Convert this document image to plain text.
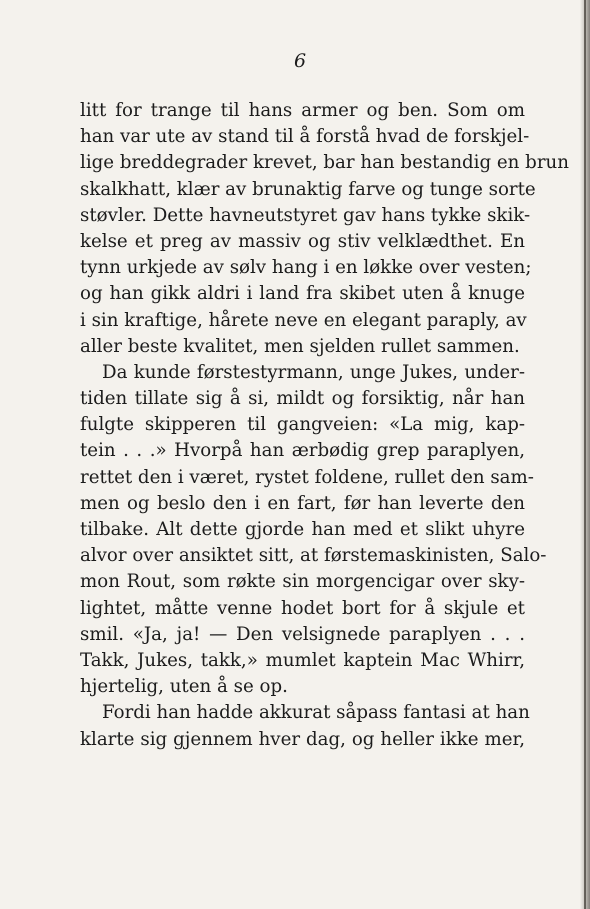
6
litt for trange til hans armer og ben. Som om
han var ute av stand til å forstå hvad de forskjel-
lige breddegrader krevet, bar han bestandig en brun
skalkhatt, klær av brunaktig farve og tunge sorte
støvler. Dette havneutstyret gav hans tykke skik-
kelse et preg av massiv og stiv velklædthet. En
tynn urkjede av sølv hang i en løkke over vesten;
og han gikk aldri i land fra skibet uten å knuge
i sin kraftige, hårete neve en elegant paraply, av
aller beste kvalitet, men sjelden rullet sammen.
Da kunde førstestyrmann, unge Jukes, under-
tiden tillate sig å si, mildt og forsiktig, når han
fulgte skipperen til gangveien: «La mig, kap-
tein . . .» Hvorpå han ærbødig grep paraplyen,
rettet den i været, rystet foldene, rullet den sam-
men og beslo den i en fart, før han leverte den
tilbake. Alt dette gjorde han med et slikt uhyre
alvor over ansiktet sitt, at førstemaskinisten, Salo-
mon Rout, som røkte sin morgencigar over sky-
lightet, måtte venne hodet bort for å skjule et
smil. «Ja, ja! — Den velsignede paraplyen . . .
Takk, Jukes, takk,» mumlet kaptein Mac Whirr,
hjertelig, uten å se op.
Fordi han hadde akkurat såpass fantasi at han
klarte sig gjennem hver dag, og heller ikke mer,
